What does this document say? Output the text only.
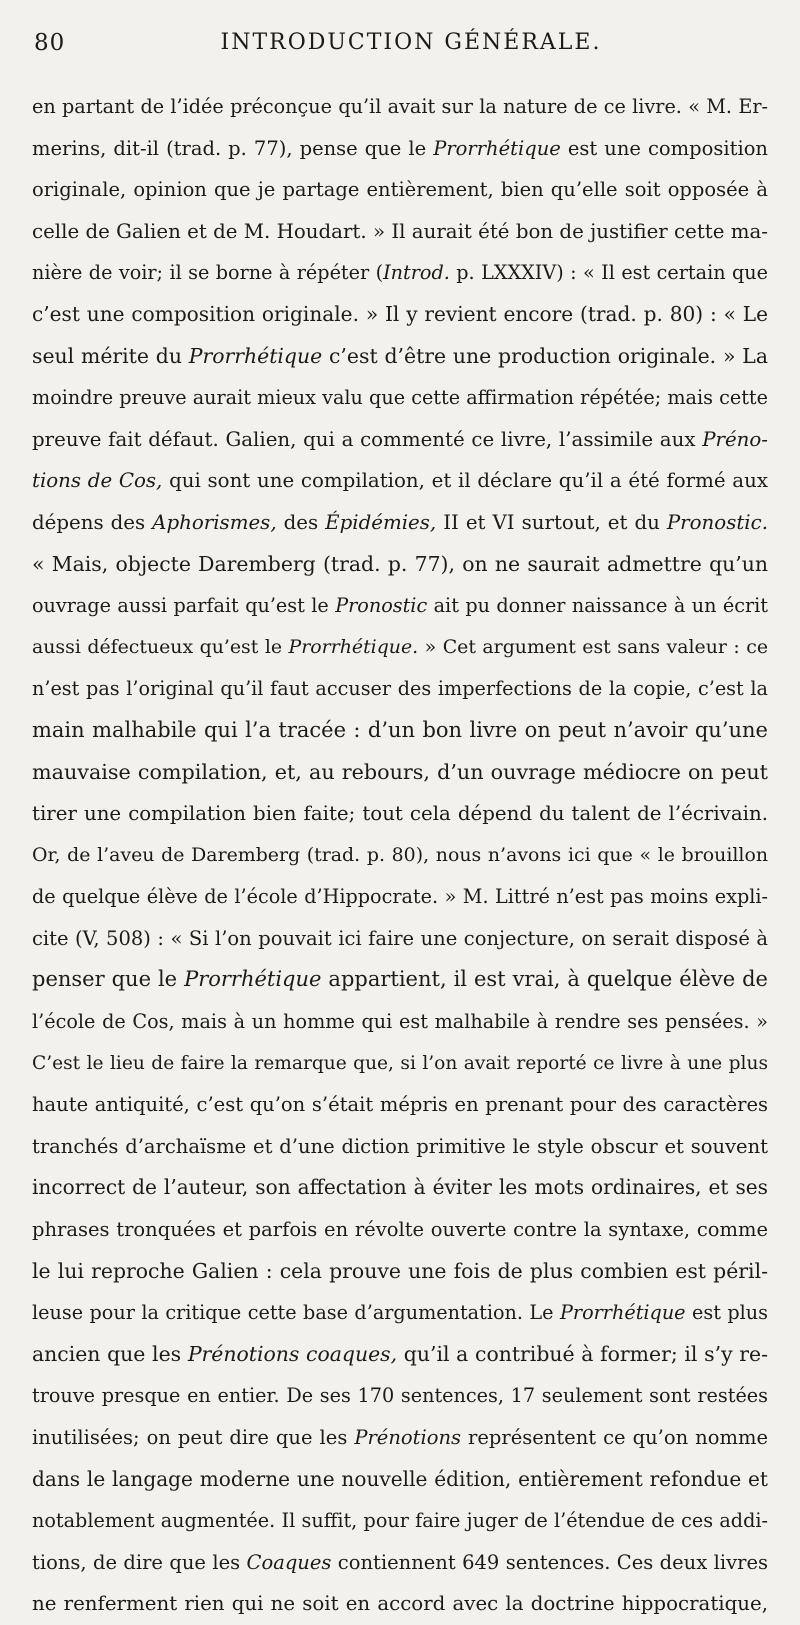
80	INTRODUCTION GÉNÉRALE.
en partant de l’idée préconçue qu’il avait sur la nature de ce livre. « M. Er-
merins, dit-il (trad. p. 77), pense que le Prorrhétique est une composition
originale, opinion que je partage entièrement, bien qu’elle soit opposée à
celle de Galien et de M. Houdart. » Il aurait été bon de justifier cette ma-
nière de voir; il se borne à répéter (Introd. p. LXXXIV) : « Il est certain que
c’est une composition originale. » Il y revient encore (trad. p. 80) : « Le
seul mérite du Prorrhétique c’est d’être une production originale. » La
moindre preuve aurait mieux valu que cette affirmation répétée; mais cette
preuve fait défaut. Galien, qui a commenté ce livre, l’assimile aux Préno-
tions de Cos, qui sont une compilation, et il déclare qu’il a été formé aux
dépens des Aphorismes, des Épidémies, II et VI surtout, et du Pronostic.
« Mais, objecte Daremberg (trad. p. 77), on ne saurait admettre qu’un
ouvrage aussi parfait qu’est le Pronostic ait pu donner naissance à un écrit
aussi défectueux qu’est le Prorrhétique. » Cet argument est sans valeur : ce
n’est pas l’original qu’il faut accuser des imperfections de la copie, c’est la
main malhabile qui l’a tracée : d’un bon livre on peut n’avoir qu’une
mauvaise compilation, et, au rebours, d’un ouvrage médiocre on peut
tirer une compilation bien faite; tout cela dépend du talent de l’écrivain.
Or, de l’aveu de Daremberg (trad. p. 80), nous n’avons ici que « le brouillon
de quelque élève de l’école d’Hippocrate. » M. Littré n’est pas moins expli-
cite (V, 508) : « Si l’on pouvait ici faire une conjecture, on serait disposé à
penser que le Prorrhétique appartient, il est vrai, à quelque élève de
l’école de Cos, mais à un homme qui est malhabile à rendre ses pensées. »
C’est le lieu de faire la remarque que, si l’on avait reporté ce livre à une plus
haute antiquité, c’est qu’on s’était mépris en prenant pour des caractères
tranchés d’archaïsme et d’une diction primitive le style obscur et souvent
incorrect de l’auteur, son affectation à éviter les mots ordinaires, et ses
phrases tronquées et parfois en révolte ouverte contre la syntaxe, comme
le lui reproche Galien : cela prouve une fois de plus combien est péril-
leuse pour la critique cette base d’argumentation. Le Prorrhétique est plus
ancien que les Prénotions coaques, qu’il a contribué à former; il s’y re-
trouve presque en entier. De ses 170 sentences, 17 seulement sont restées
inutilisées; on peut dire que les Prénotions représentent ce qu’on nomme
dans le langage moderne une nouvelle édition, entièrement refondue et
notablement augmentée. Il suffit, pour faire juger de l’étendue de ces addi-
tions, de dire que les Coaques contiennent 649 sentences. Ces deux livres
ne renferment rien qui ne soit en accord avec la doctrine hippocratique,
